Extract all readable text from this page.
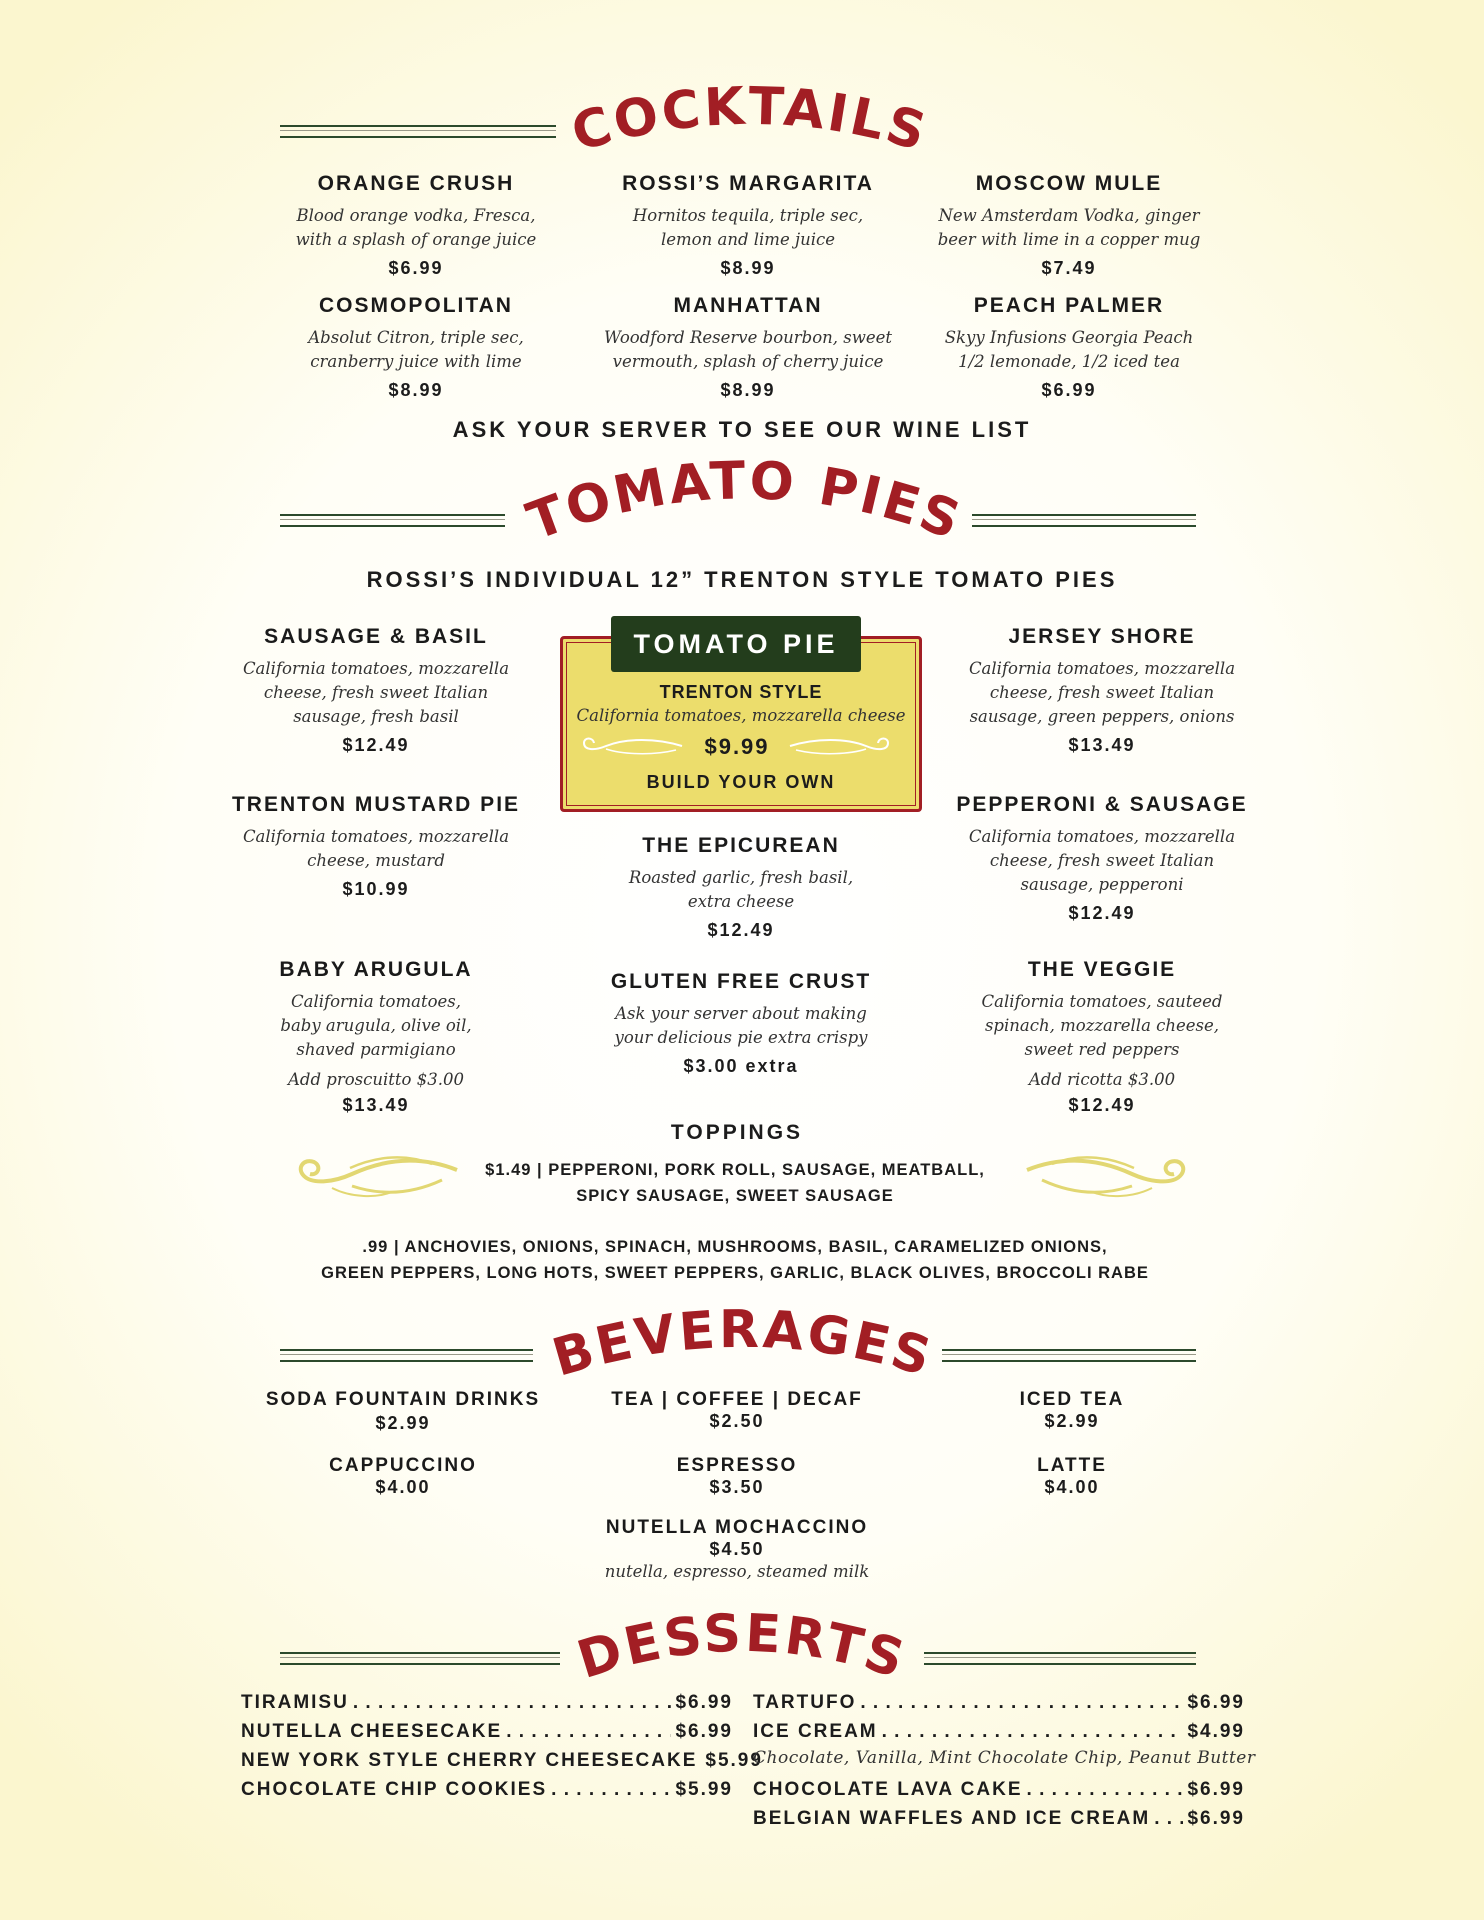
COCKTAILS
ORANGE CRUSH
Blood orange vodka, Fresca,
with a splash of orange juice
$6.99
ROSSI’S MARGARITA
Hornitos tequila, triple sec,
lemon and lime juice
$8.99
MOSCOW MULE
New Amsterdam Vodka, ginger
beer with lime in a copper mug
$7.49
COSMOPOLITAN
Absolut Citron, triple sec,
cranberry juice with lime
$8.99
MANHATTAN
Woodford Reserve bourbon, sweet
vermouth, splash of cherry juice
$8.99
PEACH PALMER
Skyy Infusions Georgia Peach
1/2 lemonade, 1/2 iced tea
$6.99
ASK YOUR SERVER TO SEE OUR WINE LIST
TOMATO PIES
ROSSI’S INDIVIDUAL 12” TRENTON STYLE TOMATO PIES
SAUSAGE & BASIL
California tomatoes, mozzarella
cheese, fresh sweet Italian
sausage, fresh basil
$12.49
TRENTON MUSTARD PIE
California tomatoes, mozzarella
cheese, mustard
$10.99
BABY ARUGULA
California tomatoes,
baby arugula, olive oil,
shaved parmigiano
Add proscuitto $3.00
$13.49
JERSEY SHORE
California tomatoes, mozzarella
cheese, fresh sweet Italian
sausage, green peppers, onions
$13.49
PEPPERONI & SAUSAGE
California tomatoes, mozzarella
cheese, fresh sweet Italian
sausage, pepperoni
$12.49
THE VEGGIE
California tomatoes, sauteed
spinach, mozzarella cheese,
sweet red peppers
Add ricotta $3.00
$12.49
TOMATO PIE
TRENTON STYLE
California tomatoes, mozzarella cheese
$9.99
BUILD YOUR OWN
THE EPICUREAN
Roasted garlic, fresh basil,
extra cheese
$12.49
GLUTEN FREE CRUST
Ask your server about making
your delicious pie extra crispy
$3.00 extra
TOPPINGS
$1.49 | PEPPERONI, PORK ROLL, SAUSAGE, MEATBALL,
SPICY SAUSAGE, SWEET SAUSAGE
.99 | ANCHOVIES, ONIONS, SPINACH, MUSHROOMS, BASIL, CARAMELIZED ONIONS,
GREEN PEPPERS, LONG HOTS, SWEET PEPPERS, GARLIC, BLACK OLIVES, BROCCOLI RABE
BEVERAGES
SODA FOUNTAIN DRINKS
$2.99
TEA | COFFEE | DECAF
$2.50
ICED TEA
$2.99
CAPPUCCINO
$4.00
ESPRESSO
$3.50
LATTE
$4.00
NUTELLA MOCHACCINO
$4.50
nutella, espresso, steamed milk
DESSERTS
TIRAMISU . . .	$6.99
NUTELLA CHEESECAKE . . .	$6.99
NEW YORK STYLE CHERRY CHEESECAKE $5.99
CHOCOLATE CHIP COOKIES . . .	$5.99
TARTUFO . . .	$6.99
ICE CREAM . . .	$4.99
Chocolate, Vanilla, Mint Chocolate Chip, Peanut Butter
CHOCOLATE LAVA CAKE . . .	$6.99
BELGIAN WAFFLES AND ICE CREAM . . . $6.99
